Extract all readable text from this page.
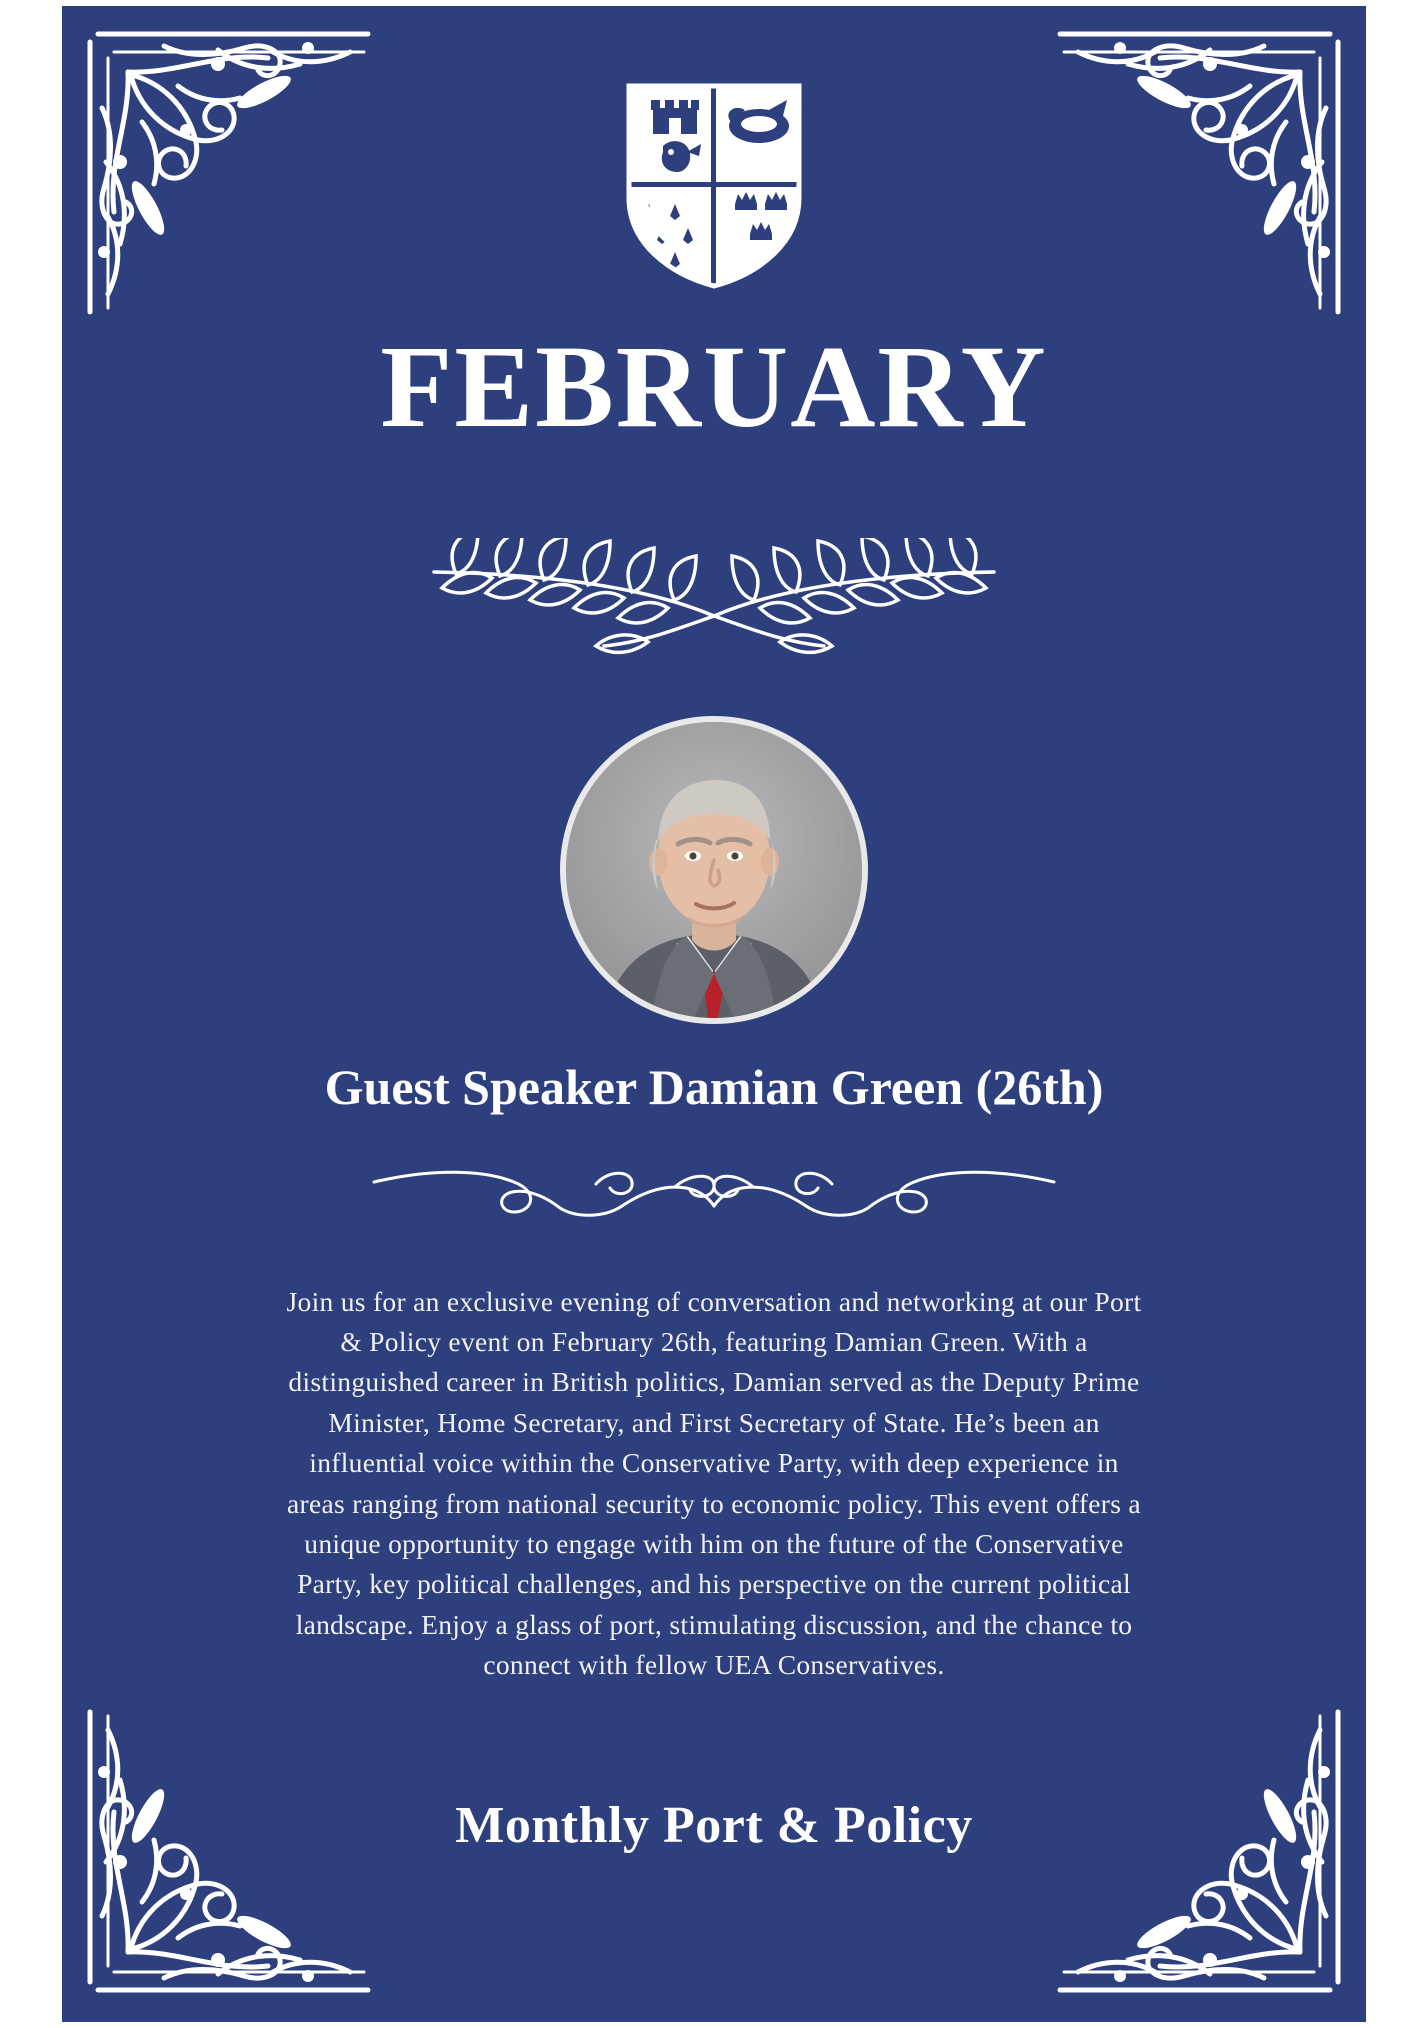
FEBRUARY
Guest Speaker Damian Green (26th)

Join us for an exclusive evening of conversation and networking at our Port & Policy event on February 26th, featuring Damian Green. With a distinguished career in British politics, Damian served as the Deputy Prime Minister, Home Secretary, and First Secretary of State. He’s been an influential voice within the Conservative Party, with deep experience in areas ranging from national security to economic policy. This event offers a unique opportunity to engage with him on the future of the Conservative Party, key political challenges, and his perspective on the current political landscape. Enjoy a glass of port, stimulating discussion, and the chance to connect with fellow UEA Conservatives.

Monthly Port & Policy
